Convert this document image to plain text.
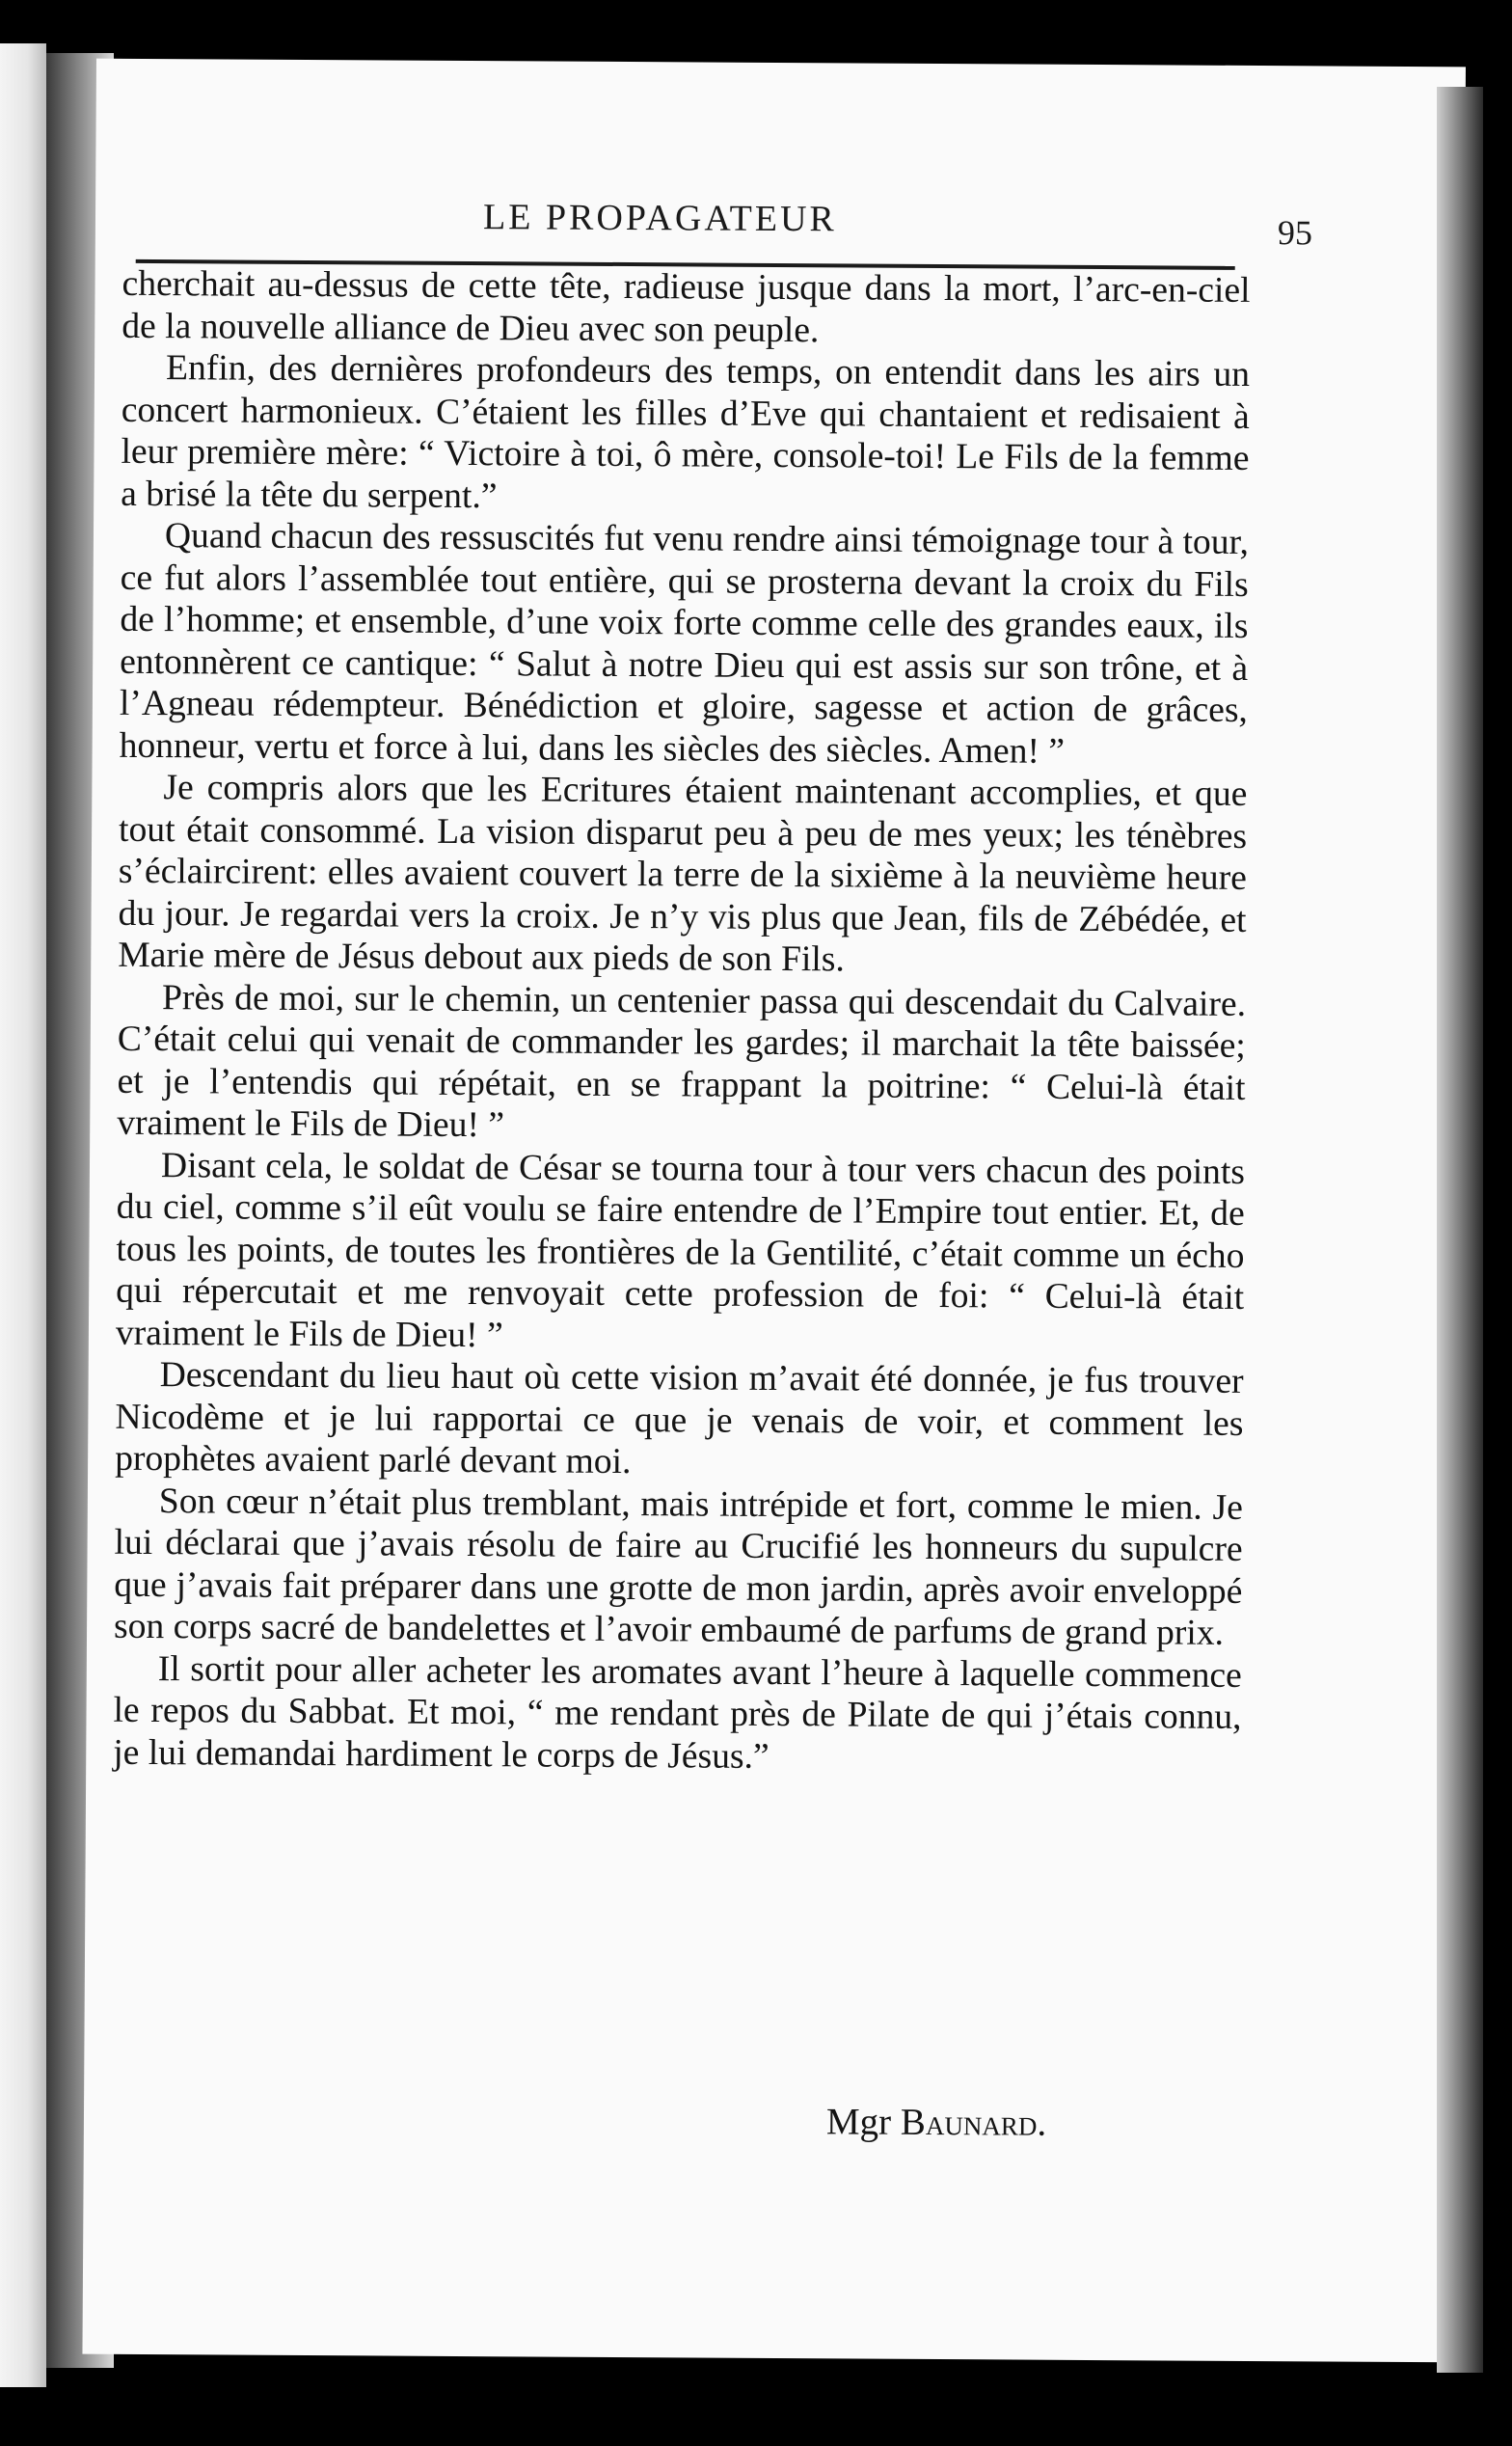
LE PROPAGATEUR	95

cherchait au-dessus de cette tête, radieuse jusque dans la mort, l’arc-en-ciel de la nouvelle alliance de Dieu avec son peuple.

Enfin, des dernières profondeurs des temps, on entendit dans les airs un concert harmonieux. C’étaient les filles d’Eve qui chantaient et redisaient à leur première mère: “ Victoire à toi, ô mère, console-toi! Le Fils de la femme a brisé la tête du serpent.”

Quand chacun des ressuscités fut venu rendre ainsi témoignage tour à tour, ce fut alors l’assemblée tout entière, qui se prosterna devant la croix du Fils de l’homme; et ensemble, d’une voix forte comme celle des grandes eaux, ils entonnèrent ce cantique: “ Salut à notre Dieu qui est assis sur son trône, et à l’Agneau rédempteur. Bénédiction et gloire, sagesse et action de grâces, honneur, vertu et force à lui, dans les siècles des siècles. Amen! ”

Je compris alors que les Ecritures étaient maintenant accomplies, et que tout était consommé. La vision disparut peu à peu de mes yeux; les ténèbres s’éclaircirent: elles avaient couvert la terre de la sixième à la neuvième heure du jour. Je regardai vers la croix. Je n’y vis plus que Jean, fils de Zébédée, et Marie mère de Jésus debout aux pieds de son Fils.

Près de moi, sur le chemin, un centenier passa qui descendait du Calvaire. C’était celui qui venait de commander les gardes; il marchait la tête baissée; et je l’entendis qui répétait, en se frappant la poitrine: “ Celui-là était vraiment le Fils de Dieu! ”

Disant cela, le soldat de César se tourna tour à tour vers chacun des points du ciel, comme s’il eût voulu se faire entendre de l’Empire tout entier. Et, de tous les points, de toutes les frontières de la Gentilité, c’était comme un écho qui répercutait et me renvoyait cette profession de foi: “ Celui-là était vraiment le Fils de Dieu! ”

Descendant du lieu haut où cette vision m’avait été donnée, je fus trouver Nicodème et je lui rapportai ce que je venais de voir, et comment les prophètes avaient parlé devant moi.

Son cœur n’était plus tremblant, mais intrépide et fort, comme le mien. Je lui déclarai que j’avais résolu de faire au Crucifié les honneurs du supulcre que j’avais fait préparer dans une grotte de mon jardin, après avoir enveloppé son corps sacré de bandelettes et l’avoir embaumé de parfums de grand prix.

Il sortit pour aller acheter les aromates avant l’heure à laquelle commence le repos du Sabbat. Et moi, “ me rendant près de Pilate de qui j’étais connu, je lui demandai hardiment le corps de Jésus.”

Mgr Baunard.
